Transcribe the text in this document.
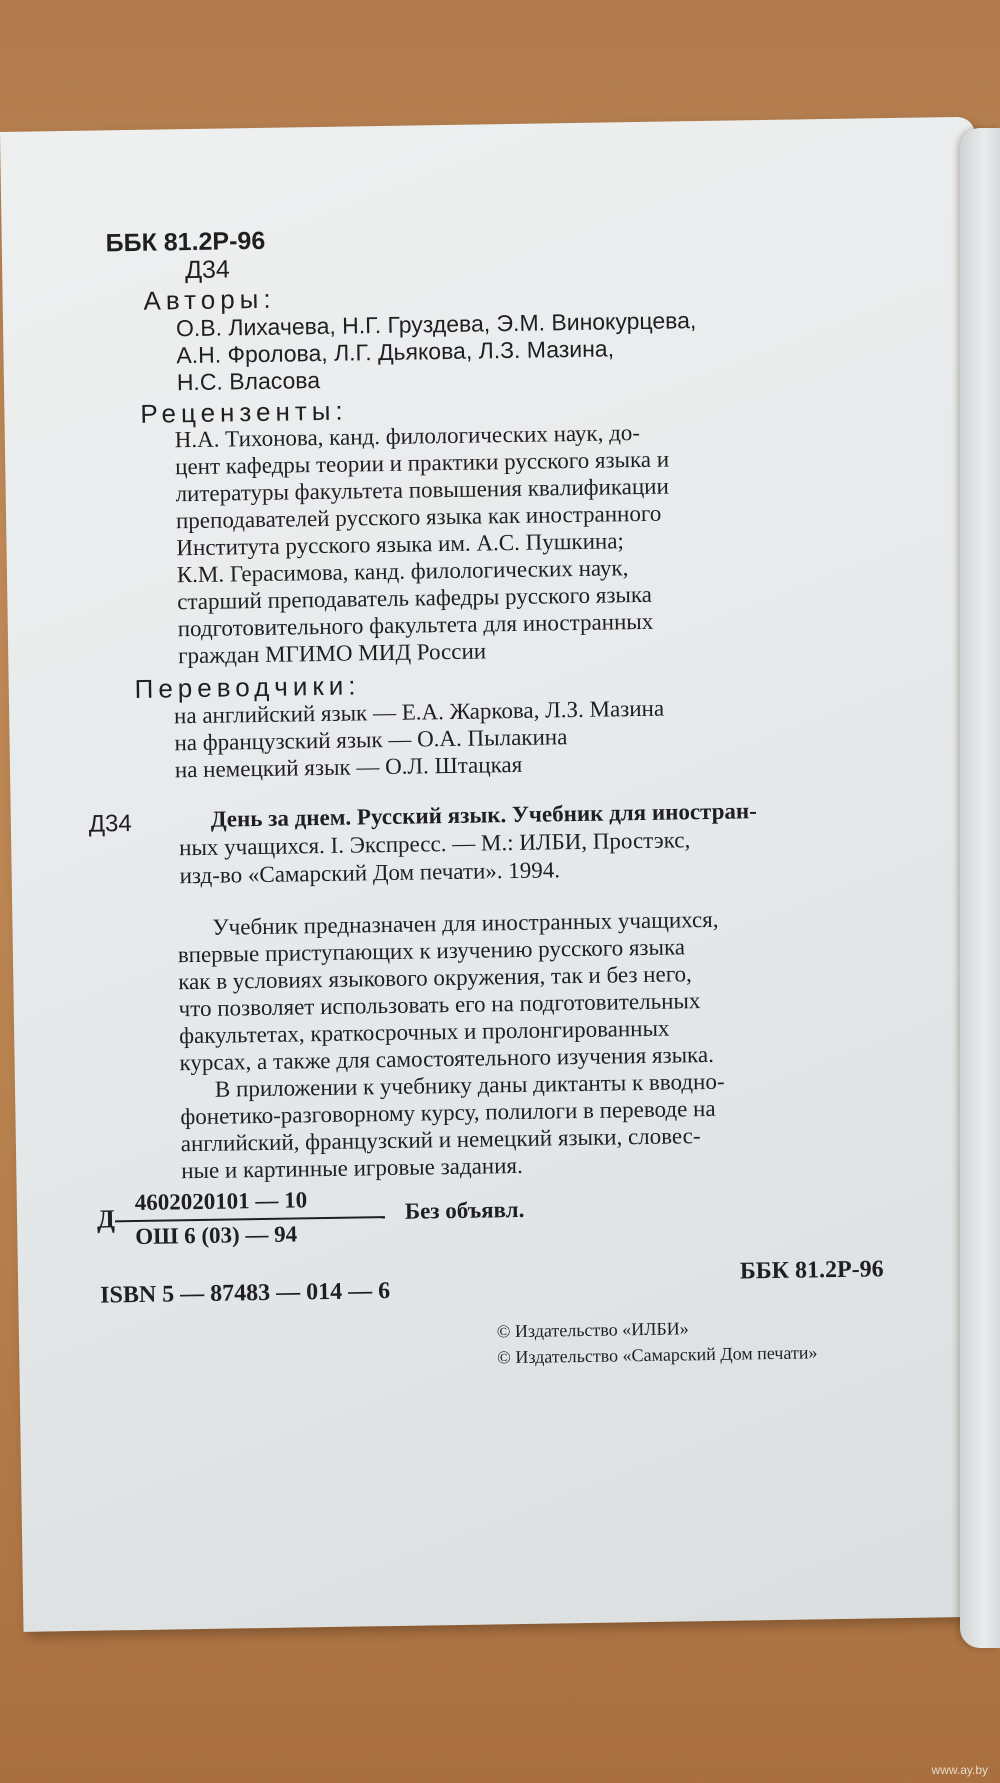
ББК 81.2Р-96
Д34
Авторы:
О.В. Лихачева, Н.Г. Груздева, Э.М. Винокурцева,
А.Н. Фролова, Л.Г. Дьякова, Л.З. Мазина,
Н.С. Власова
Рецензенты:
Н.А. Тихонова, канд. филологических наук, до-
цент кафедры теории и практики русского языка и
литературы факультета повышения квалификации
преподавателей русского языка как иностранного
Института русского языка им. А.С. Пушкина;
К.М. Герасимова, канд. филологических наук,
старший преподаватель кафедры русского языка
подготовительного факультета для иностранных
граждан МГИМО МИД России
Переводчики:
на английский язык — Е.А. Жаркова, Л.З. Мазина
на французский язык — О.А. Пылакина
на немецкий язык — О.Л. Штацкая
Д34	День за днем. Русский язык. Учебник для иностран-
ных учащихся. I. Экспресс. — М.: ИЛБИ, Простэкс,
изд-во «Самарский Дом печати». 1994.
Учебник предназначен для иностранных учащихся,
впервые приступающих к изучению русского языка
как в условиях языкового окружения, так и без него,
что позволяет использовать его на подготовительных
факультетах, краткосрочных и пролонгированных
курсах, а также для самостоятельного изучения языка.
В приложении к учебнику даны диктанты к вводно-
фонетико-разговорному курсу, полилоги в переводе на
английский, французский и немецкий языки, словес-
ные и картинные игровые задания.
Д
4602020101 — 10
ОШ 6 (03) — 94
Без объявл.
ISBN 5 — 87483 — 014 — 6
ББК 81.2Р-96
© Издательство «ИЛБИ»
© Издательство «Самарский Дом печати»
www.ay.by
